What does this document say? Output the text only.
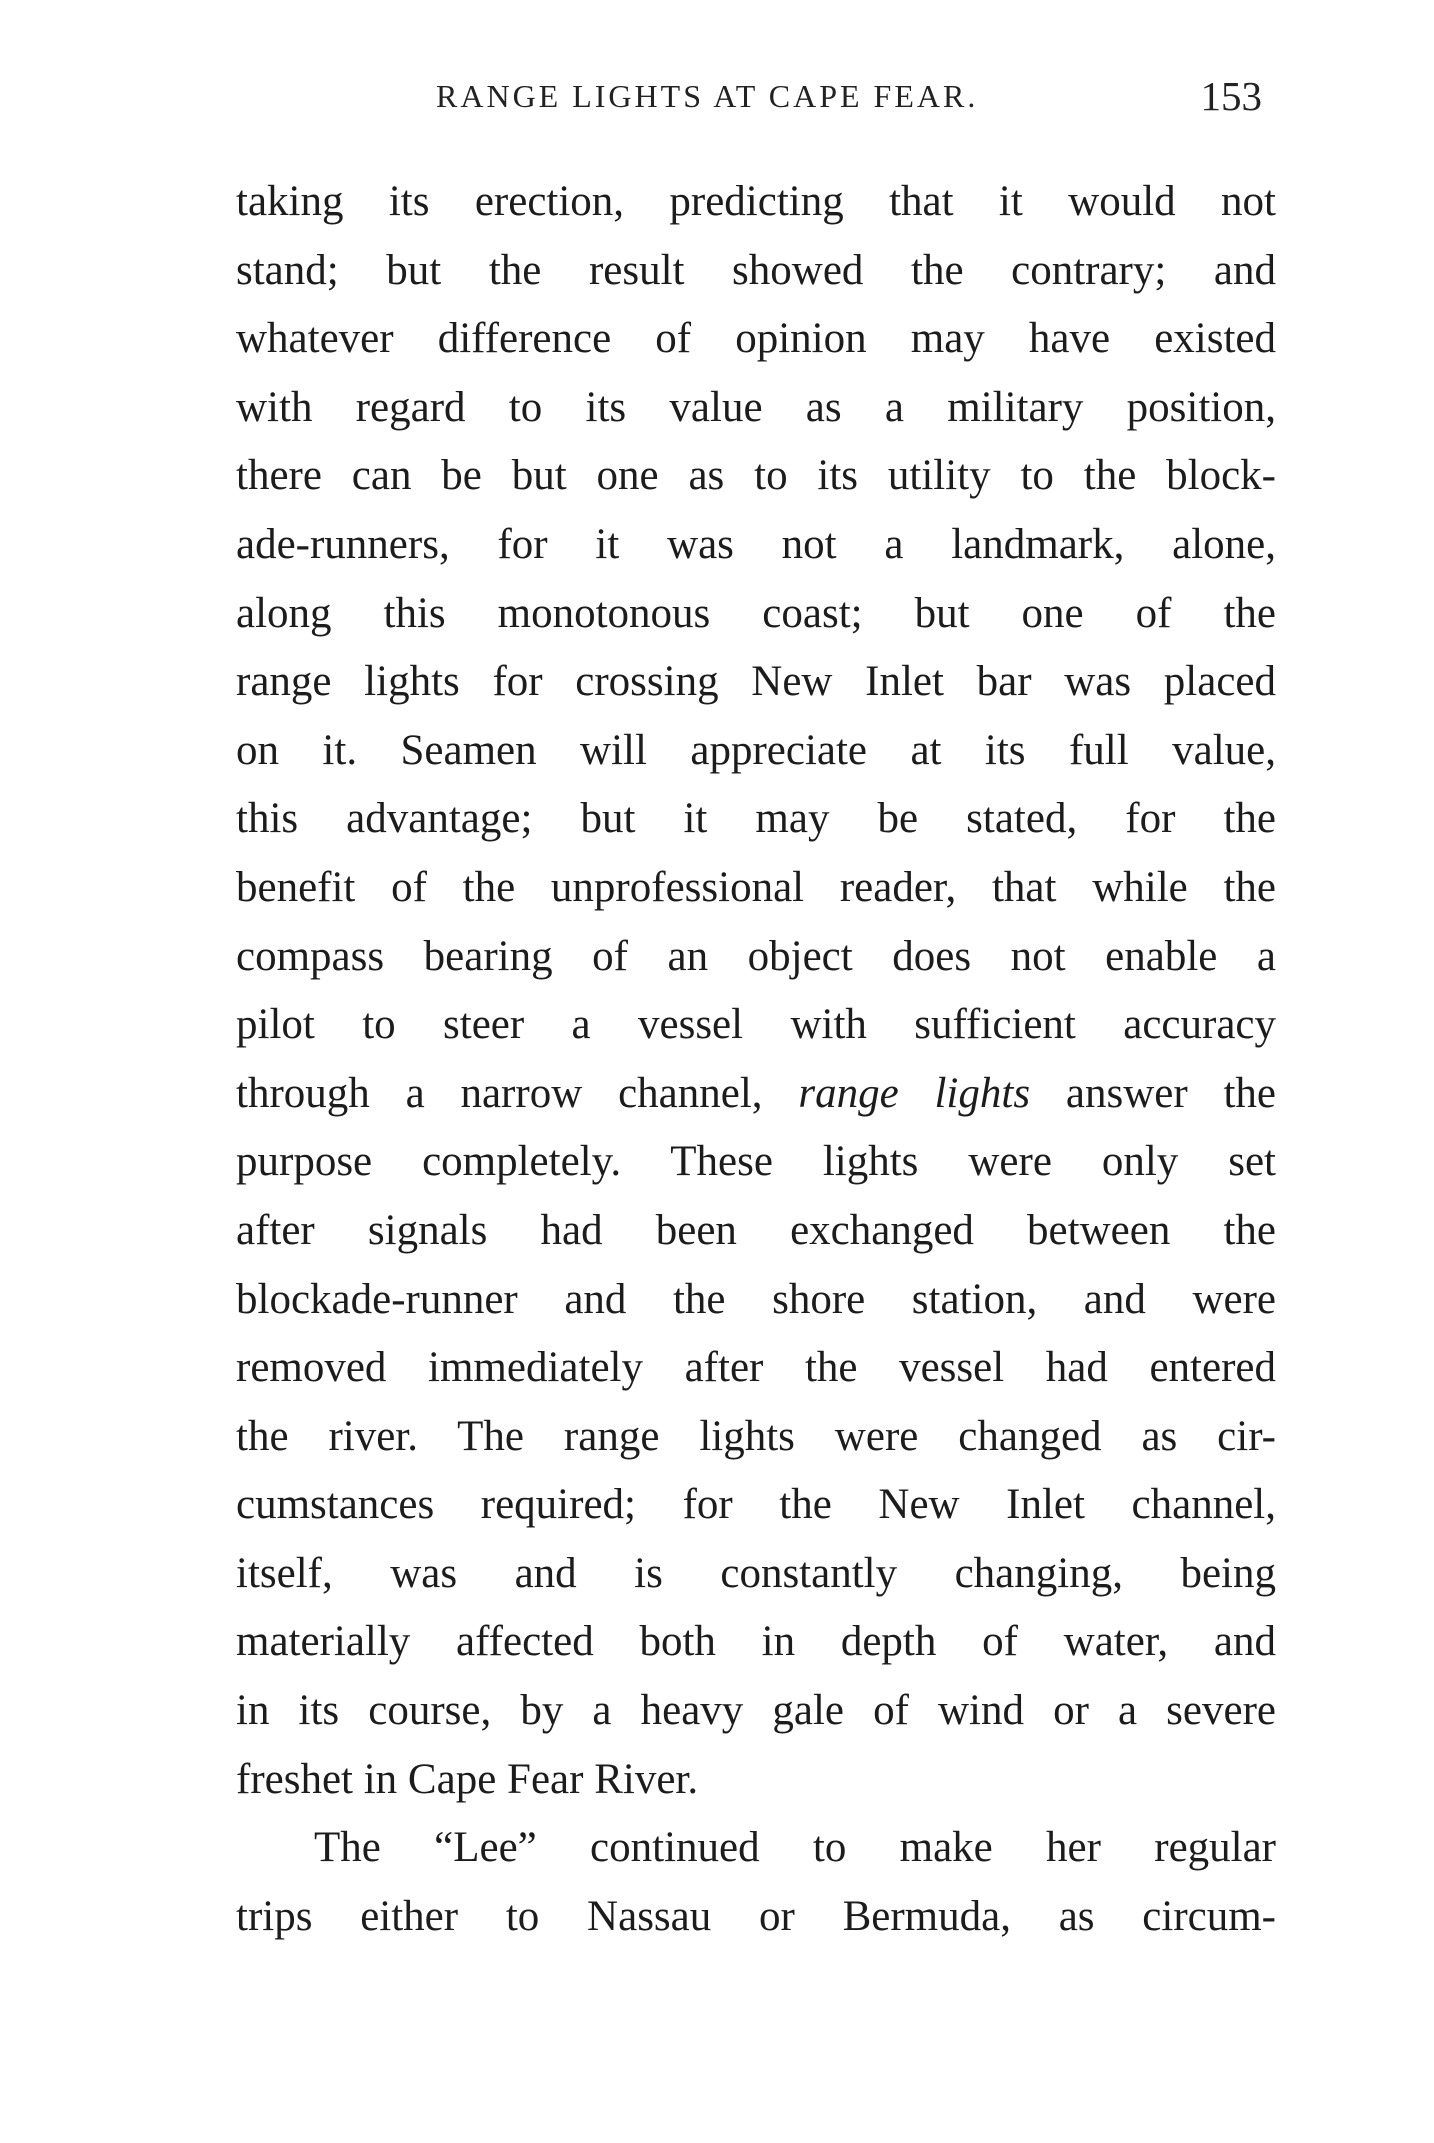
RANGE LIGHTS AT CAPE FEAR.	153
taking its erection, predicting that it would not
stand; but the result showed the contrary; and
whatever difference of opinion may have existed
with regard to its value as a military position,
there can be but one as to its utility to the block-
ade-runners, for it was not a landmark, alone,
along this monotonous coast; but one of the
range lights for crossing New Inlet bar was placed
on it. Seamen will appreciate at its full value,
this advantage; but it may be stated, for the
benefit of the unprofessional reader, that while the
compass bearing of an object does not enable a
pilot to steer a vessel with sufficient accuracy
through a narrow channel, range lights answer the
purpose completely. These lights were only set
after signals had been exchanged between the
blockade-runner and the shore station, and were
removed immediately after the vessel had entered
the river. The range lights were changed as cir-
cumstances required; for the New Inlet channel,
itself, was and is constantly changing, being
materially affected both in depth of water, and
in its course, by a heavy gale of wind or a severe
freshet in Cape Fear River.
The “Lee” continued to make her regular
trips either to Nassau or Bermuda, as circum-
